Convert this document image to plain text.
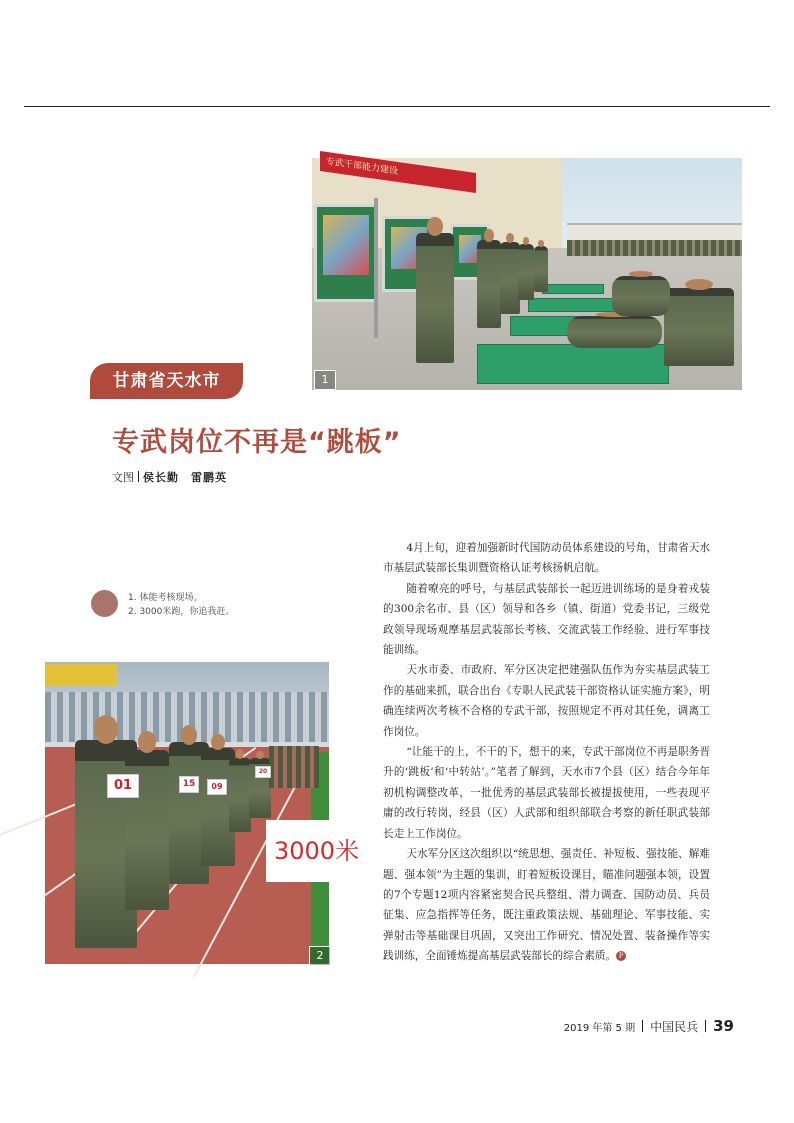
专武干部能力建设
1
甘肃省天水市
专武岗位不再是“跳板”
文图 侯长勤　雷鹏英
1. 体能考核现场。
2. 3000米跑，你追我赶。
01	15	09
20
2
3000米

4月上旬，迎着加强新时代国防动员体系建设的号角，甘肃省天水市基层武装部长集训暨资格认证考核扬帆启航。

随着嘹亮的呼号，与基层武装部长一起迈进训练场的是身着戎装的300余名市、县（区）领导和各乡（镇、街道）党委书记，三级党政领导现场观摩基层武装部长考核、交流武装工作经验、进行军事技能训练。

天水市委、市政府、军分区决定把建强队伍作为夯实基层武装工作的基础来抓，联合出台《专职人民武装干部资格认证实施方案》，明确连续两次考核不合格的专武干部，按照规定不再对其任免，调离工作岗位。

“让能干的上，不干的下，想干的来，专武干部岗位不再是职务晋升的‘跳板’和‘中转站’。”笔者了解到，天水市7个县（区）结合今年年初机构调整改革，一批优秀的基层武装部长被提拔使用，一些表现平庸的改行转岗，经县（区）人武部和组织部联合考察的新任职武装部长走上工作岗位。

天水军分区这次组织以“统思想、强责任、补短板、强技能、解难题、强本领”为主题的集训，盯着短板设课目，瞄准问题强本领，设置的7个专题12项内容紧密契合民兵整组、潜力调查、国防动员、兵员征集、应急指挥等任务，既注重政策法规、基础理论、军事技能、实弹射击等基础课目巩固，又突出工作研究、情况处置、装备操作等实践训练，全面锤炼提高基层武装部长的综合素质。 P

2019 年第 5 期 中国民兵 39
